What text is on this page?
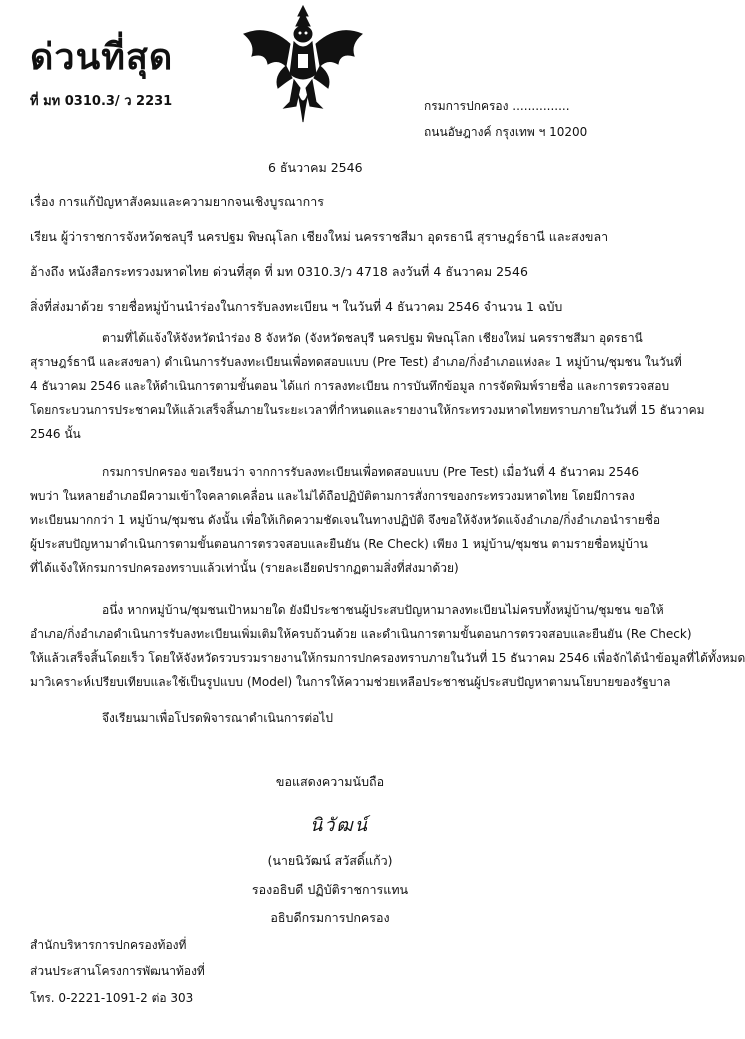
ด่วนที่สุด
ที่ มท 0310.3/ ว 2231	กรมการปกครอง ...............
ถนนอัษฎางค์ กรุงเทพ ฯ 10200
6 ธันวาคม 2546
เรื่อง การแก้ปัญหาสังคมและความยากจนเชิงบูรณาการ
เรียน ผู้ว่าราชการจังหวัดชลบุรี นครปฐม พิษณุโลก เชียงใหม่ นครราชสีมา อุดรธานี สุราษฎร์ธานี และสงขลา
อ้างถึง หนังสือกระทรวงมหาดไทย ด่วนที่สุด ที่ มท 0310.3/ว 4718 ลงวันที่ 4 ธันวาคม 2546
สิ่งที่ส่งมาด้วย รายชื่อหมู่บ้านนำร่องในการรับลงทะเบียน ฯ ในวันที่ 4 ธันวาคม 2546 จำนวน 1 ฉบับ
ตามที่ได้แจ้งให้จังหวัดนำร่อง 8 จังหวัด (จังหวัดชลบุรี นครปฐม พิษณุโลก เชียงใหม่ นครราชสีมา อุดรธานี
สุราษฎร์ธานี และสงขลา) ดำเนินการรับลงทะเบียนเพื่อทดสอบแบบ (Pre Test) อำเภอ/กิ่งอำเภอแห่งละ 1 หมู่บ้าน/ชุมชน ในวันที่
4 ธันวาคม 2546 และให้ดำเนินการตามขั้นตอน ได้แก่ การลงทะเบียน การบันทึกข้อมูล การจัดพิมพ์รายชื่อ และการตรวจสอบ
โดยกระบวนการประชาคมให้แล้วเสร็จสิ้นภายในระยะเวลาที่กำหนดและรายงานให้กระทรวงมหาดไทยทราบภายในวันที่ 15 ธันวาคม
2546 นั้น
กรมการปกครอง ขอเรียนว่า จากการรับลงทะเบียนเพื่อทดสอบแบบ (Pre Test) เมื่อวันที่ 4 ธันวาคม 2546
พบว่า ในหลายอำเภอมีความเข้าใจคลาดเคลื่อน และไม่ได้ถือปฏิบัติตามการสั่งการของกระทรวงมหาดไทย โดยมีการลง
ทะเบียนมากกว่า 1 หมู่บ้าน/ชุมชน ดังนั้น เพื่อให้เกิดความชัดเจนในทางปฏิบัติ จึงขอให้จังหวัดแจ้งอำเภอ/กิ่งอำเภอนำรายชื่อ
ผู้ประสบปัญหามาดำเนินการตามขั้นตอนการตรวจสอบและยืนยัน (Re Check) เพียง 1 หมู่บ้าน/ชุมชน ตามรายชื่อหมู่บ้าน
ที่ได้แจ้งให้กรมการปกครองทราบแล้วเท่านั้น (รายละเอียดปรากฏตามสิ่งที่ส่งมาด้วย)
อนึ่ง หากหมู่บ้าน/ชุมชนเป้าหมายใด ยังมีประชาชนผู้ประสบปัญหามาลงทะเบียนไม่ครบทั้งหมู่บ้าน/ชุมชน ขอให้
อำเภอ/กิ่งอำเภอดำเนินการรับลงทะเบียนเพิ่มเติมให้ครบถ้วนด้วย และดำเนินการตามขั้นตอนการตรวจสอบและยืนยัน (Re Check)
ให้แล้วเสร็จสิ้นโดยเร็ว โดยให้จังหวัดรวบรวมรายงานให้กรมการปกครองทราบภายในวันที่ 15 ธันวาคม 2546 เพื่อจักได้นำข้อมูลที่ได้ทั้งหมด
มาวิเคราะห์เปรียบเทียบและใช้เป็นรูปแบบ (Model) ในการให้ความช่วยเหลือประชาชนผู้ประสบปัญหาตามนโยบายของรัฐบาล
จึงเรียนมาเพื่อโปรดพิจารณาดำเนินการต่อไป
ขอแสดงความนับถือ
นิวัฒน์
(นายนิวัฒน์ สวัสดิ์แก้ว)
รองอธิบดี ปฏิบัติราชการแทน
อธิบดีกรมการปกครอง
สำนักบริหารการปกครองท้องที่
ส่วนประสานโครงการพัฒนาท้องที่
โทร. 0-2221-1091-2 ต่อ 303
